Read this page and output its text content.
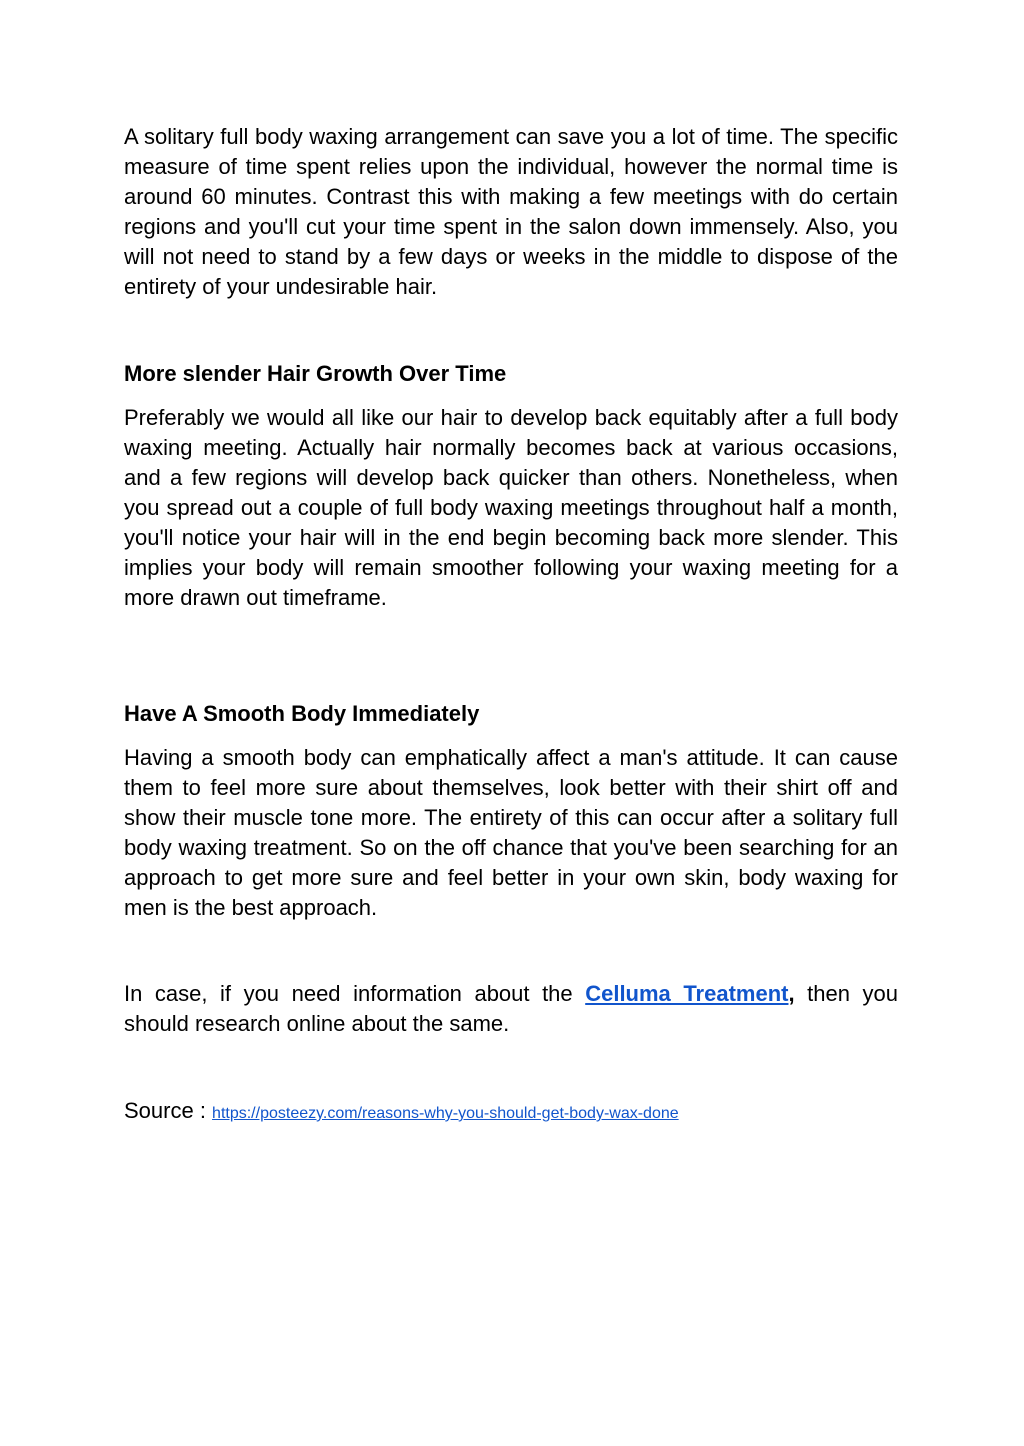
A solitary full body waxing arrangement can save you a lot of time. The specific measure of time spent relies upon the individual, however the normal time is around 60 minutes. Contrast this with making a few meetings with do certain regions and you'll cut your time spent in the salon down immensely. Also, you will not need to stand by a few days or weeks in the middle to dispose of the entirety of your undesirable hair.

More slender Hair Growth Over Time

Preferably we would all like our hair to develop back equitably after a full body waxing meeting. Actually hair normally becomes back at various occasions, and a few regions will develop back quicker than others. Nonetheless, when you spread out a couple of full body waxing meetings throughout half a month, you'll notice your hair will in the end begin becoming back more slender. This implies your body will remain smoother following your waxing meeting for a more drawn out timeframe.

Have A Smooth Body Immediately

Having a smooth body can emphatically affect a man's attitude. It can cause them to feel more sure about themselves, look better with their shirt off and show their muscle tone more. The entirety of this can occur after a solitary full body waxing treatment. So on the off chance that you've been searching for an approach to get more sure and feel better in your own skin, body waxing for men is the best approach.

In case, if you need information about the Celluma Treatment, then you should research online about the same.

Source : https://posteezy.com/reasons-why-you-should-get-body-wax-done
